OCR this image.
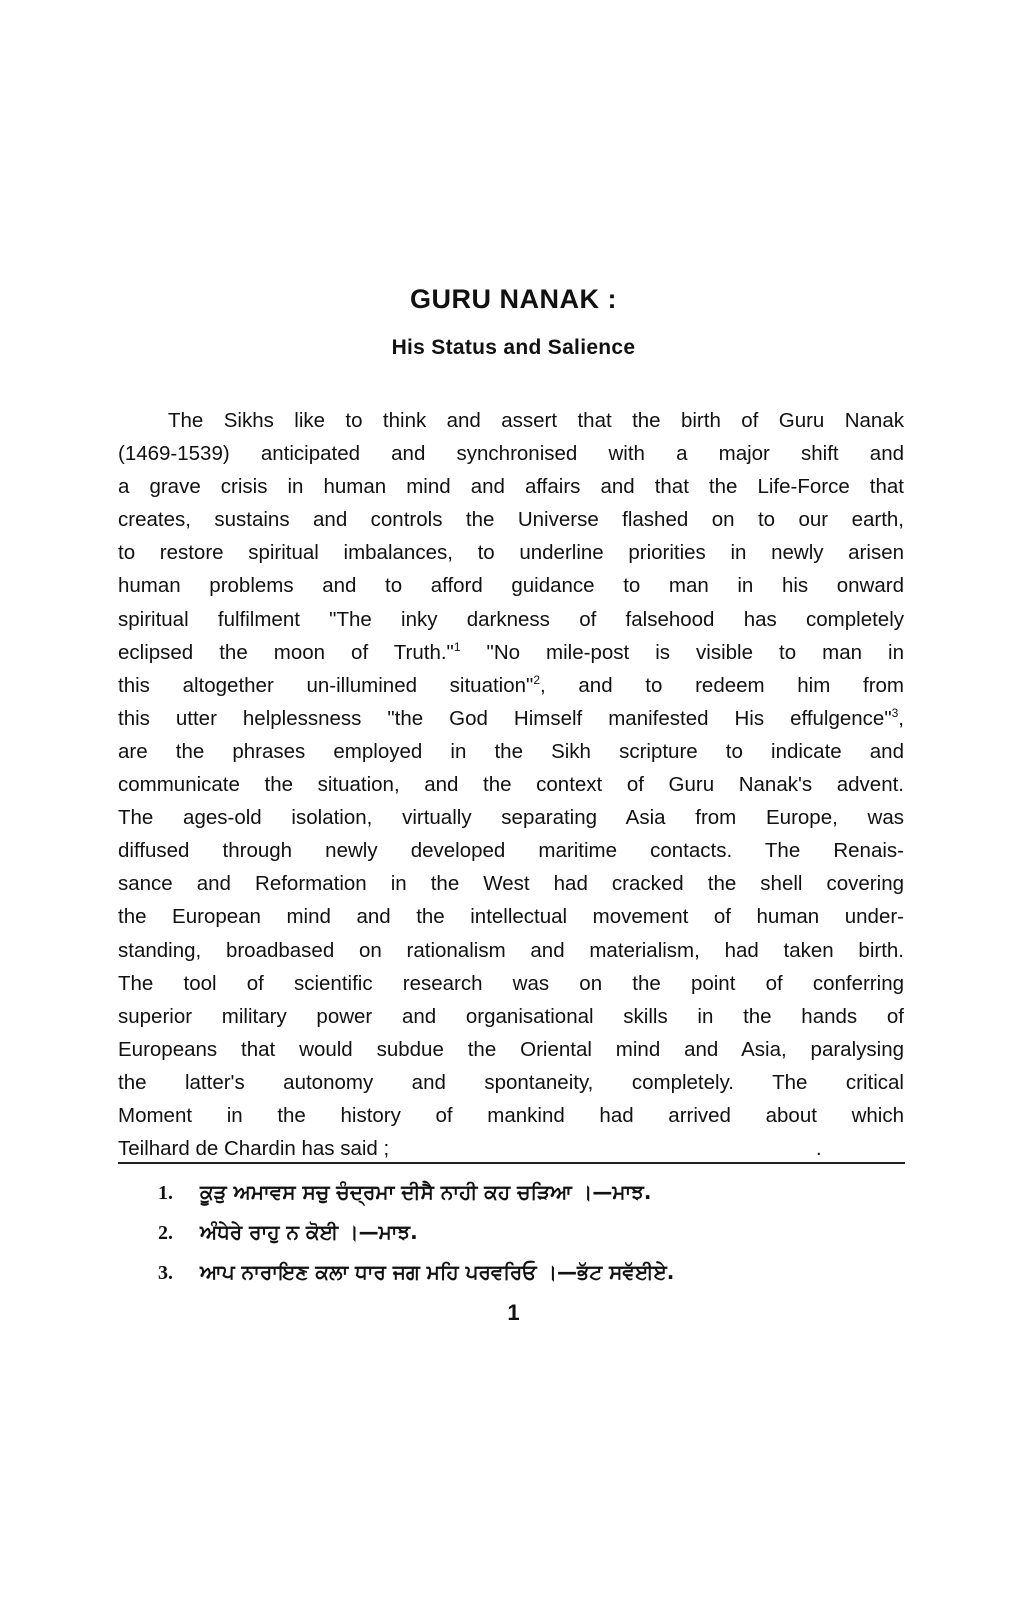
GURU NANAK :
His Status and Salience
The Sikhs like to think and assert that the birth of Guru Nanak
(1469-1539) anticipated and synchronised with a major shift and
a grave crisis in human mind and affairs and that the Life-Force that
creates, sustains and controls the Universe flashed on to our earth,
to restore spiritual imbalances, to underline priorities in newly arisen
human problems and to afford guidance to man in his onward
spiritual fulfilment "The inky darkness of falsehood has completely
eclipsed the moon of Truth."$^1$ "No mile-post is visible to man in
this altogether un-illumined situation"$^2$, and to redeem him from
this utter helplessness "the God Himself manifested His effulgence"$^3$,
are the phrases employed in the Sikh scripture to indicate and
communicate the situation, and the context of Guru Nanak's advent.
The ages-old isolation, virtually separating Asia from Europe, was
diffused through newly developed maritime contacts. The Renais-
sance and Reformation in the West had cracked the shell covering
the European mind and the intellectual movement of human under-
standing, broadbased on rationalism and materialism, had taken birth.
The tool of scientific research was on the point of conferring
superior military power and organisational skills in the hands of
Europeans that would subdue the Oriental mind and Asia, paralysing
the latter's autonomy and spontaneity, completely. The critical
Moment in the history of mankind had arrived about which
Teilhard de Chardin has said ;	.
1. ਕੂੜੁ ਅਮਾਵਸ ਸਚੁ ਚੰਦ੍ਰਮਾ ਦੀਸੈ ਨਾਹੀ ਕਹ ਚੜਿਆ ।—ਮਾਝ.
2. ਅੰਧੇਰੇ ਰਾਹੁ ਨ ਕੋਈ ।—ਮਾਝ.
3. ਆਪ ਨਾਰਾਇਣ ਕਲਾ ਧਾਰ ਜਗ ਮਹਿ ਪਰਵਰਿਓ ।—ਭੱਟ ਸਵੱਈਏ.
1
